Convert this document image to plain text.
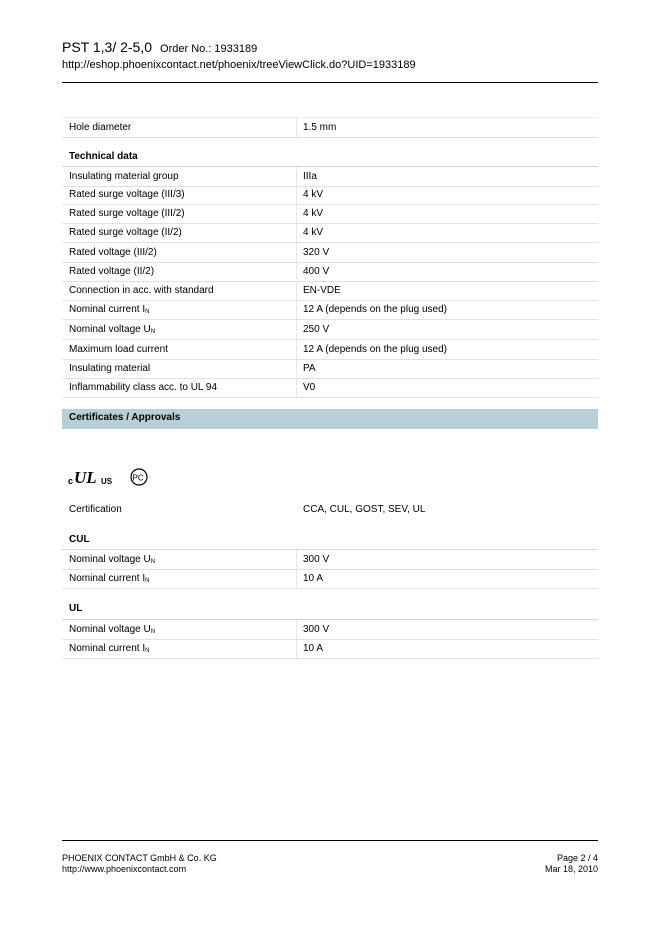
PST 1,3/ 2-5,0 Order No.: 1933189
http://eshop.phoenixcontact.net/phoenix/treeViewClick.do?UID=1933189
Hole diameter	1.5 mm
Technical data
Insulating material group	IIIa
Rated surge voltage (III/3)	4 kV
Rated surge voltage (III/2)	4 kV
Rated surge voltage (II/2)	4 kV
Rated voltage (III/2)	320 V
Rated voltage (II/2)	400 V
Connection in acc. with standard	EN-VDE
Nominal current $I_N$	12 A (depends on the plug used)
Nominal voltage $U_N$	250 V
Maximum load current	12 A (depends on the plug used)
Insulating material	PA
Inflammability class acc. to UL 94	V0
Certificates / Approvals
c UL US	PC
Certification	CCA, CUL, GOST, SEV, UL
CUL
Nominal voltage $U_N$	300 V
Nominal current $I_N$	10 A
UL
Nominal voltage $U_N$	300 V
Nominal current $I_N$	10 A
PHOENIX CONTACT GmbH & Co. KG
http://www.phoenixcontact.com
Page 2 / 4
Mar 18, 2010
